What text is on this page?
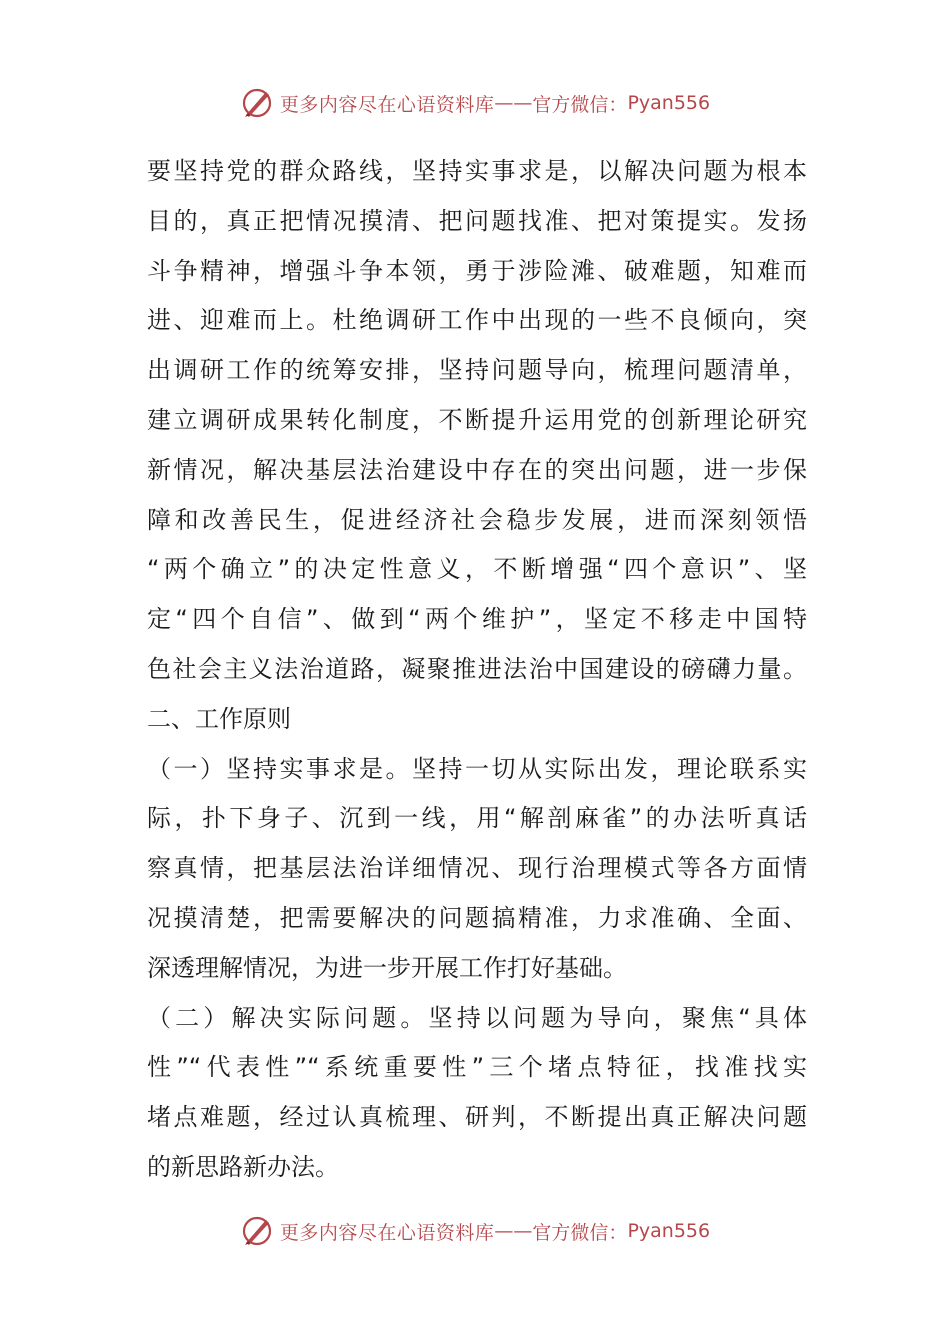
更多内容尽在心语资料库 —— 官方微信： Pyan556
要坚持党的群众路线，坚持实事求是，以解决问题为根本
目的，真正把情况摸清、把问题找准、把对策提实。发扬
斗争精神，增强斗争本领，勇于涉险滩、破难题，知难而
进、迎难而上。杜绝调研工作中出现的一些不良倾向，突
出调研工作的统筹安排，坚持问题导向，梳理问题清单，
建立调研成果转化制度，不断提升运用党的创新理论研究
新情况，解决基层法治建设中存在的突出问题，进一步保
障和改善民生，促进经济社会稳步发展，进而深刻领悟
“两个确立”的决定性意义，不断增强“四个意识”、坚
定“四个自信”、做到“两个维护”，坚定不移走中国特
色社会主义法治道路，凝聚推进法治中国建设的磅礴力量。
二、工作原则
（一）坚持实事求是。坚持一切从实际出发，理论联系实
际，扑下身子、沉到一线，用“解剖麻雀”的办法听真话
察真情，把基层法治详细情况、现行治理模式等各方面情
况摸清楚，把需要解决的问题搞精准，力求准确、全面、
深透理解情况，为进一步开展工作打好基础。
（二）解决实际问题。坚持以问题为导向，聚焦“具体
性”“代表性”“系统重要性”三个堵点特征，找准找实
堵点难题，经过认真梳理、研判，不断提出真正解决问题
的新思路新办法。
更多内容尽在心语资料库 —— 官方微信： Pyan556
